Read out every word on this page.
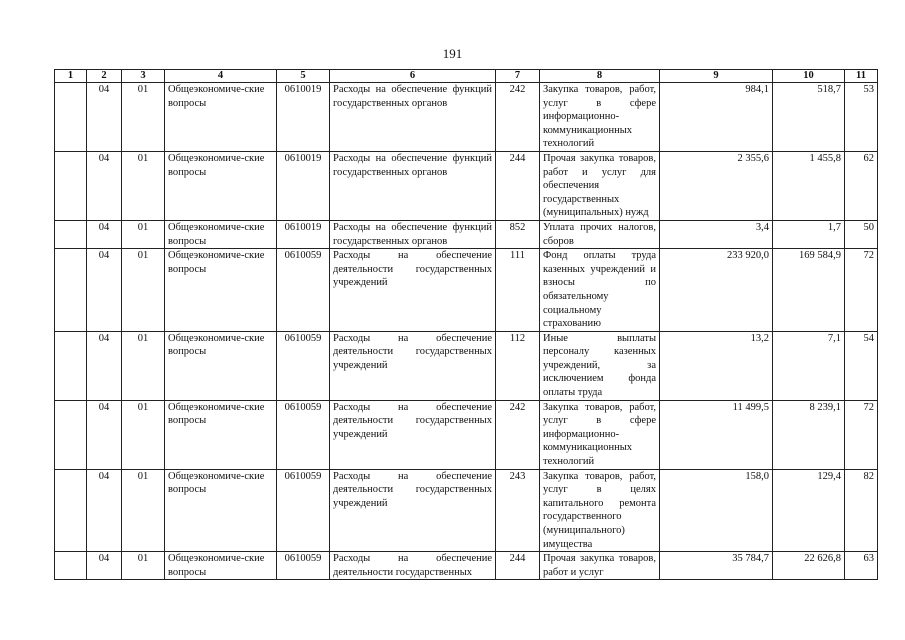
191
1	2	3	4	5	6	7	8	9	10	11
	04	01	Общеэкономиче-ские вопросы	0610019	Расходы на обеспечение функций государственных органов	242	Закупка товаров, работ, услуг в сфере информационно-коммуникационных технологий	984,1	518,7	53
	04	01	Общеэкономиче-ские вопросы	0610019	Расходы на обеспечение функций государственных органов	244	Прочая закупка товаров, работ и услуг для обеспечения государственных (муниципальных) нужд	2 355,6	1 455,8	62
	04	01	Общеэкономиче-ские вопросы	0610019	Расходы на обеспечение функций государственных органов	852	Уплата прочих налогов, сборов	3,4	1,7	50
	04	01	Общеэкономиче-ские вопросы	0610059	Расходы на обеспечение деятельности государственных учреждений	111	Фонд оплаты труда казенных учреждений и взносы по обязательному социальному страхованию	233 920,0	169 584,9	72
	04	01	Общеэкономиче-ские вопросы	0610059	Расходы на обеспечение деятельности государственных учреждений	112	Иные выплаты персоналу казенных учреждений, за исключением фонда оплаты труда	13,2	7,1	54
	04	01	Общеэкономиче-ские вопросы	0610059	Расходы на обеспечение деятельности государственных учреждений	242	Закупка товаров, работ, услуг в сфере информационно-коммуникационных технологий	11 499,5	8 239,1	72
	04	01	Общеэкономиче-ские вопросы	0610059	Расходы на обеспечение деятельности государственных учреждений	243	Закупка товаров, работ, услуг в целях капитального ремонта государственного (муниципального) имущества	158,0	129,4	82
	04	01	Общеэкономиче-ские вопросы	0610059	Расходы на обеспечение деятельности государственных	244	Прочая закупка товаров, работ и услуг	35 784,7	22 626,8	63
